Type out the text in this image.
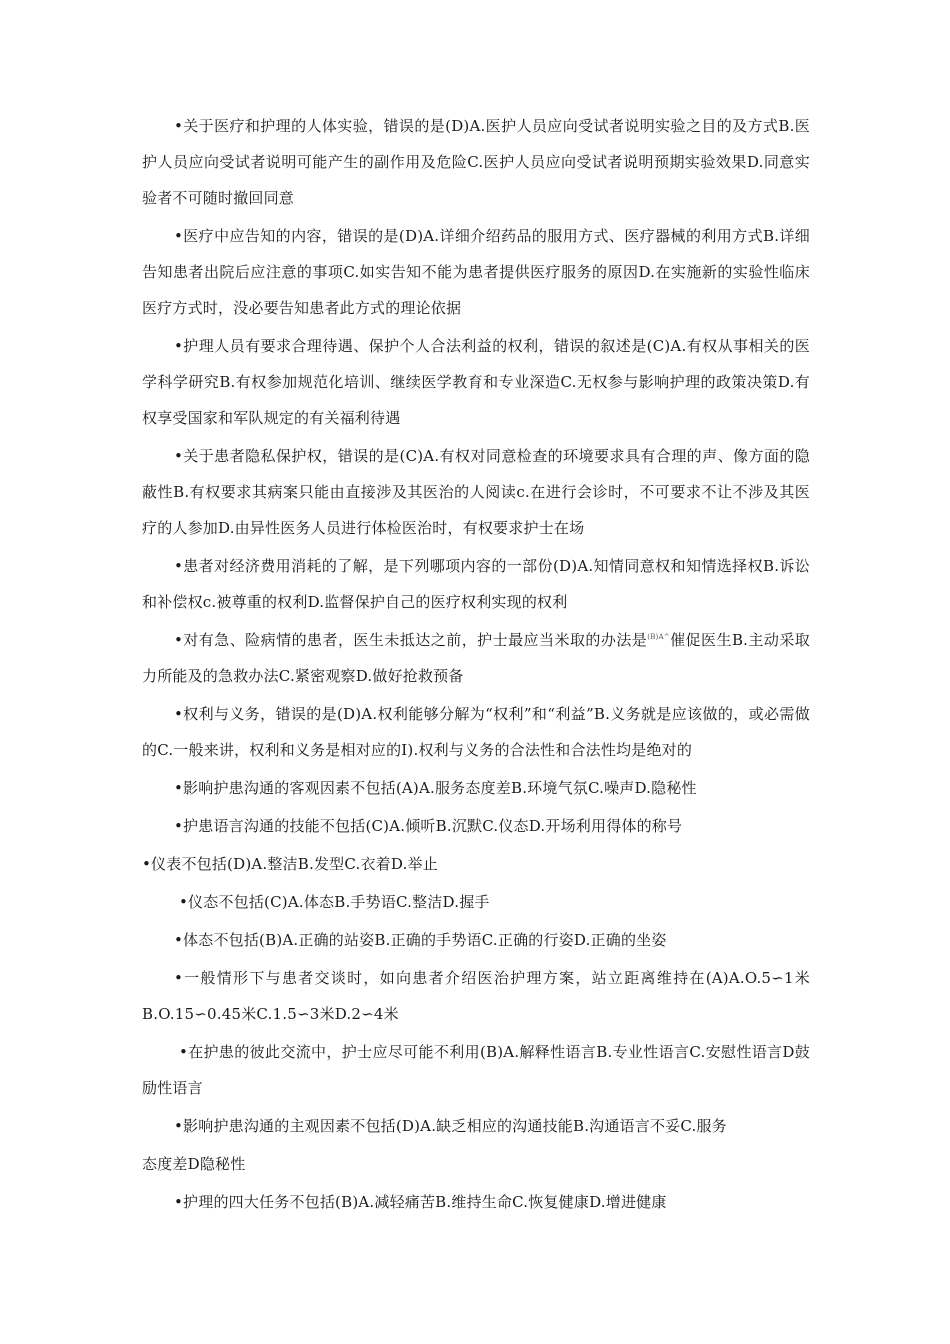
•关于医疗和护理的人体实验，错误的是(D)A.医护人员应向受试者说明实验之目的及方式B.医护人员应向受试者说明可能产生的副作用及危险C.医护人员应向受试者说明预期实验效果D.同意实验者不可随时撤回同意

•医疗中应告知的内容，错误的是(D)A.详细介绍药品的服用方式、医疗器械的利用方式B.详细告知患者出院后应注意的事项C.如实告知不能为患者提供医疗服务的原因D.在实施新的实验性临床医疗方式时，没必要告知患者此方式的理论依据

•护理人员有要求合理待遇、保护个人合法利益的权利，错误的叙述是(C)A.有权从事相关的医学科学研究B.有权参加规范化培训、继续医学教育和专业深造C.无权参与影响护理的政策决策D.有权享受国家和军队规定的有关福利待遇

•关于患者隐私保护权，错误的是(C)A.有权对同意检查的环境要求具有合理的声、像方面的隐蔽性B.有权要求其病案只能由直接涉及其医治的人阅读c.在进行会诊时，不可要求不让不涉及其医疗的人参加D.由异性医务人员进行体检医治时，有权要求护士在场

•患者对经济费用消耗的了解，是下列哪项内容的一部份(D)A.知情同意权和知情选择权B.诉讼和补偿权c.被尊重的权利D.监督保护自己的医疗权利实现的权利

•对有急、险病情的患者，医生未抵达之前，护士最应当米取的办法是$^{(B)A\^{}}$催促医生B.主动采取力所能及的急救办法C.紧密观察D.做好抢救预备

•权利与义务，错误的是(D)A.权利能够分解为“权利”和“利益”B.义务就是应该做的，或必需做的C.一般来讲，权利和义务是相对应的I).权利与义务的合法性和合法性均是绝对的

•影响护患沟通的客观因素不包括(A)A.服务态度差B.环境气氛C.噪声D.隐秘性

•护患语言沟通的技能不包括(C)A.倾听B.沉默C.仪态D.开场利用得体的称号

•仪表不包括(D)A.整洁B.发型C.衣着D.举止

•仪态不包括(C)A.体态B.手势语C.整洁D.握手

•体态不包括(B)A.正确的站姿B.正确的手势语C.正确的行姿D.正确的坐姿

•一般情形下与患者交谈时，如向患者介绍医治护理方案，站立距离维持在(A)A.O.5∽1米B.O.15∽0.45米C.1.5∽3米D.2∽4米

•在护患的彼此交流中，护士应尽可能不利用(B)A.解释性语言B.专业性语言C.安慰性语言D鼓励性语言

•影响护患沟通的主观因素不包括(D)A.缺乏相应的沟通技能B.沟通语言不妥C.服务

态度差D隐秘性

•护理的四大任务不包括(B)A.减轻痛苦B.维持生命C.恢复健康D.增进健康
